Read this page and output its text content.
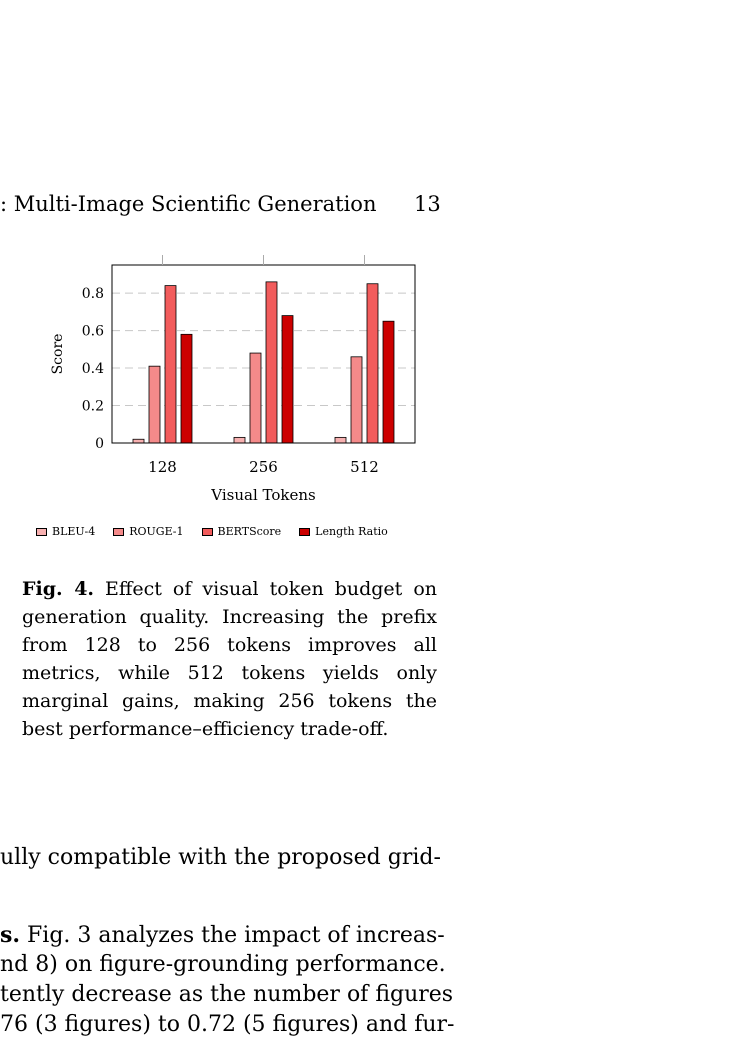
: Multi-Image Scientific Generation 13
0
0.2
0.4
0.6
0.8
128	256	512
Visual Tokens
Score
BLEU-4	ROUGE-1	BERTScore	Length Ratio
Fig. 4. Effect of visual token budget on generation quality. Increasing the prefix from 128 to 256 tokens improves all metrics, while 512 tokens yields only marginal gains, making 256 tokens the best performance–efficiency trade-off.
ully compatible with the proposed grid-
s. Fig. 3 analyzes the impact of increas-
nd 8) on figure-grounding performance.
tently decrease as the number of figures
76 (3 figures) to 0.72 (5 figures) and fur-
